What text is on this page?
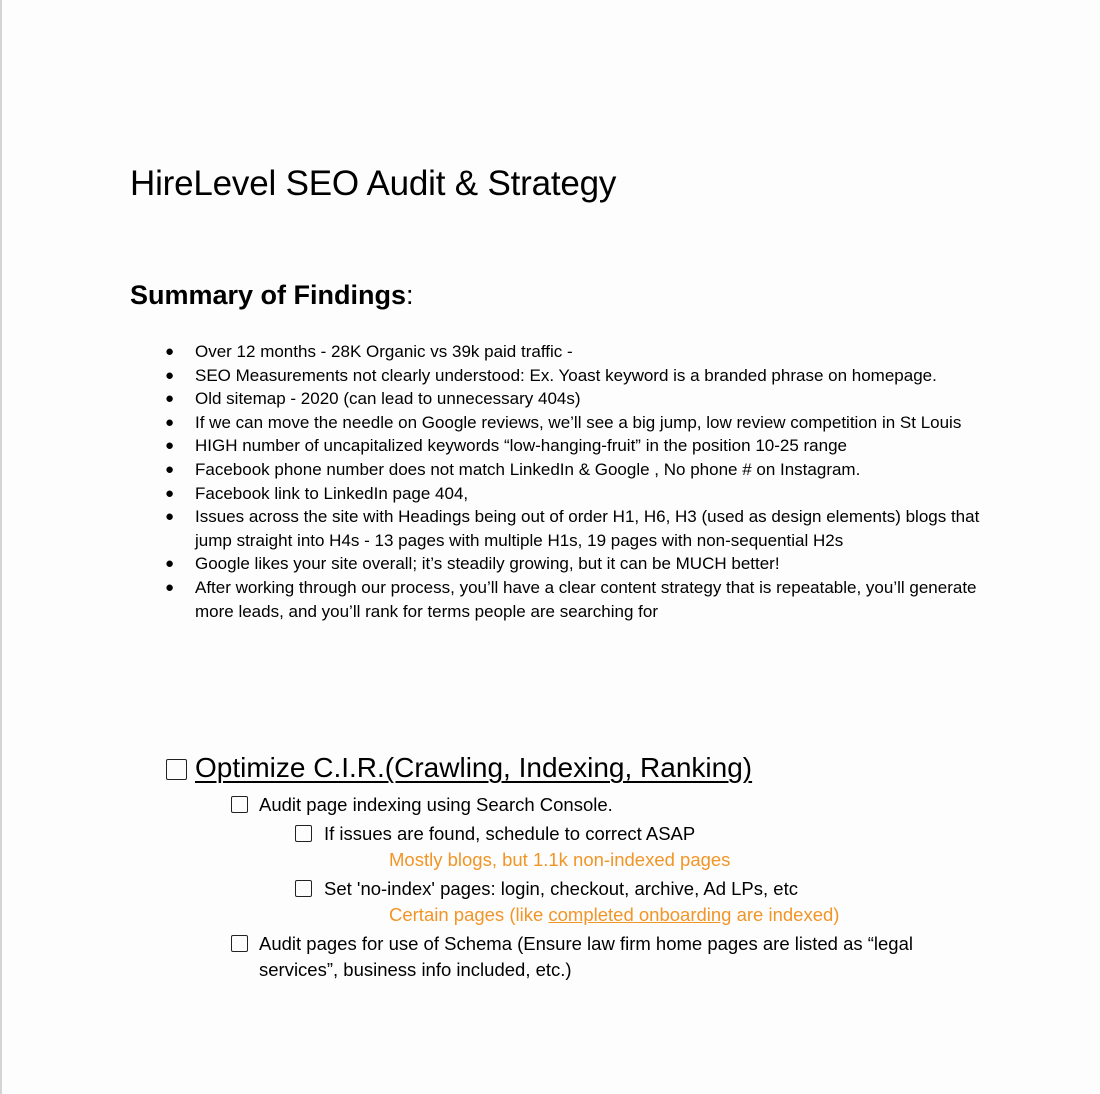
HireLevel SEO Audit & Strategy
Summary of Findings:
● Over 12 months - 28K Organic vs 39k paid traffic -
● SEO Measurements not clearly understood: Ex. Yoast keyword is a branded phrase on homepage.
● Old sitemap - 2020 (can lead to unnecessary 404s)
● If we can move the needle on Google reviews, we’ll see a big jump, low review competition in St Louis
● HIGH number of uncapitalized keywords “low-hanging-fruit” in the position 10-25 range
● Facebook phone number does not match LinkedIn & Google , No phone # on Instagram.
● Facebook link to LinkedIn page 404,
● Issues across the site with Headings being out of order H1, H6, H3 (used as design elements) blogs that jump straight into H4s - 13 pages with multiple H1s, 19 pages with non-sequential H2s
● Google likes your site overall; it’s steadily growing, but it can be MUCH better!
● After working through our process, you’ll have a clear content strategy that is repeatable, you’ll generate more leads, and you’ll rank for terms people are searching for
Optimize C.I.R.(Crawling, Indexing, Ranking)
Audit page indexing using Search Console.
If issues are found, schedule to correct ASAP
Mostly blogs, but 1.1k non-indexed pages
Set 'no-index' pages: login, checkout, archive, Ad LPs, etc
Certain pages (like completed onboarding are indexed)
Audit pages for use of Schema (Ensure law firm home pages are listed as “legal services”, business info included, etc.)
